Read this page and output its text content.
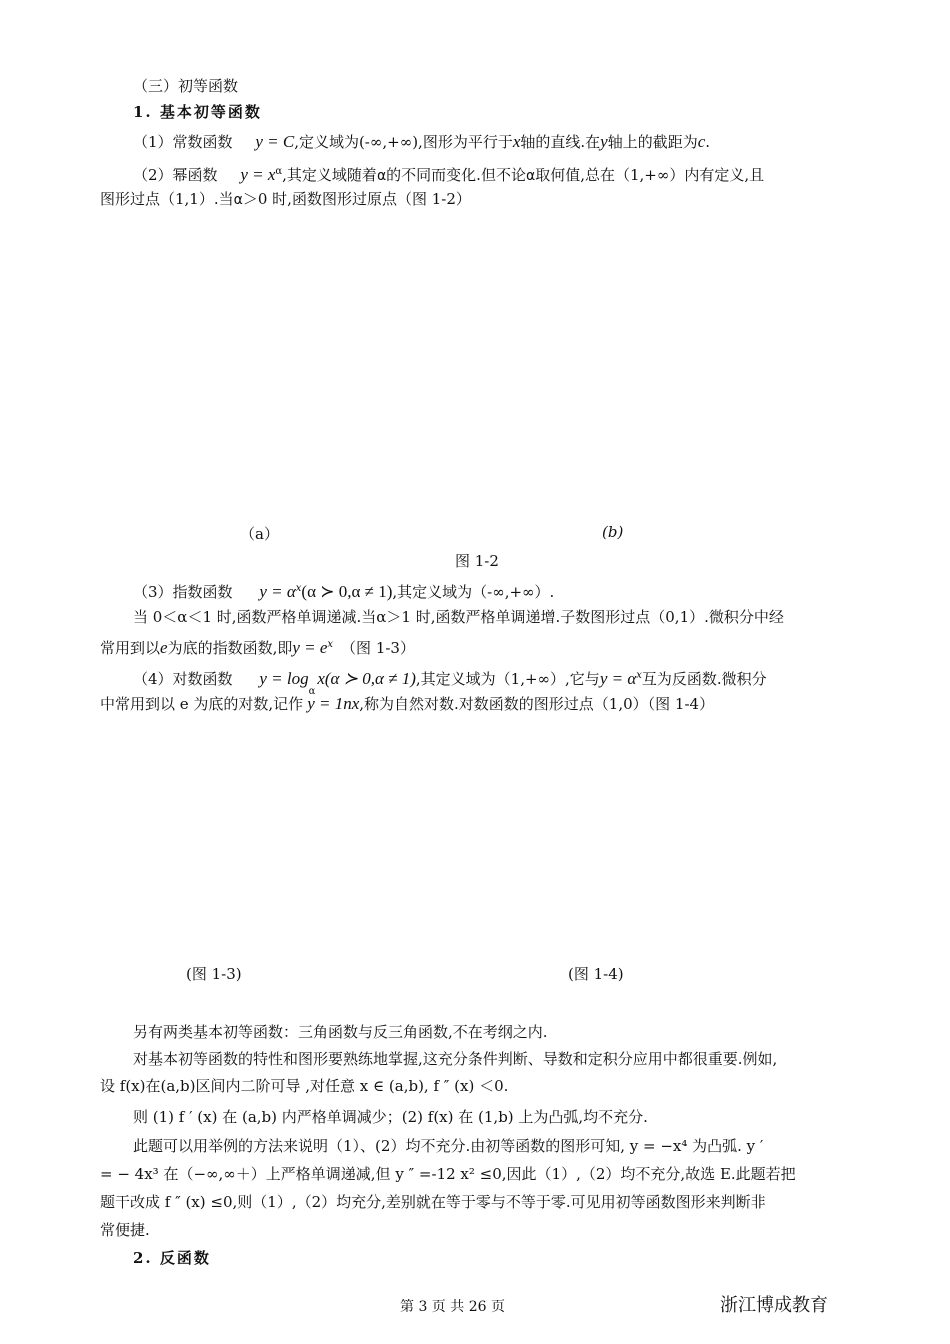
（三）初等函数
1. 基本初等函数
（1）常数函数 y = C,定义域为(-∞,+∞),图形为平行于x轴的直线.在y轴上的截距为c.
（2）幂函数 $y = x^\alpha$,其定义域随着α的不同而变化.但不论α取何值,总在（1,+∞）内有定义,且
图形过点（1,1）.当α＞0 时,函数图形过原点（图 1-2）
（a）	(b)
图 1-2
（3）指数函数 $y = \alpha^x(\alpha$ ≻ 0,α ≠ 1),其定义域为（-∞,+∞）.
当 0＜α＜1 时,函数严格单调递减.当α＞1 时,函数严格单调递增.子数图形过点（0,1）.微积分中经
常用到以e为底的指数函数,即$y = e^x$ （图 1-3）
（4）对数函数 $y = \log_\alpha x(\alpha$ ≻ 0,α ≠ 1),其定义域为（1,+∞）,它与$y = \alpha^x$互为反函数.微积分
中常用到以 e 为底的对数,记作 y = 1nx,称为自然对数.对数函数的图形过点（1,0）（图 1-4）
(图 1-3)	(图 1-4)
另有两类基本初等函数：三角函数与反三角函数,不在考纲之内.
对基本初等函数的特性和图形要熟练地掌握,这充分条件判断、导数和定积分应用中都很重要.例如,
设 f(x)在(a,b)区间内二阶可导 ,对任意 x ∈ (a,b), f ″ (x) ＜0.
则 (1) f ′ (x) 在 (a,b) 内严格单调减少；(2) f(x) 在 (1,b) 上为凸弧,均不充分.
此题可以用举例的方法来说明（1）、(2）均不充分.由初等函数的图形可知, y = −x⁴ 为凸弧. y ′
= − 4x³ 在（−∞,∞＋）上严格单调递减,但 y ″ =-12 x² ≤0,因此（1）,（2）均不充分,故选 E.此题若把
题干改成 f ″ (x) ≤0,则（1）,（2）均充分,差别就在等于零与不等于零.可见用初等函数图形来判断非
常便捷.
2. 反函数
第 3 页 共 26 页	浙江博成教育
